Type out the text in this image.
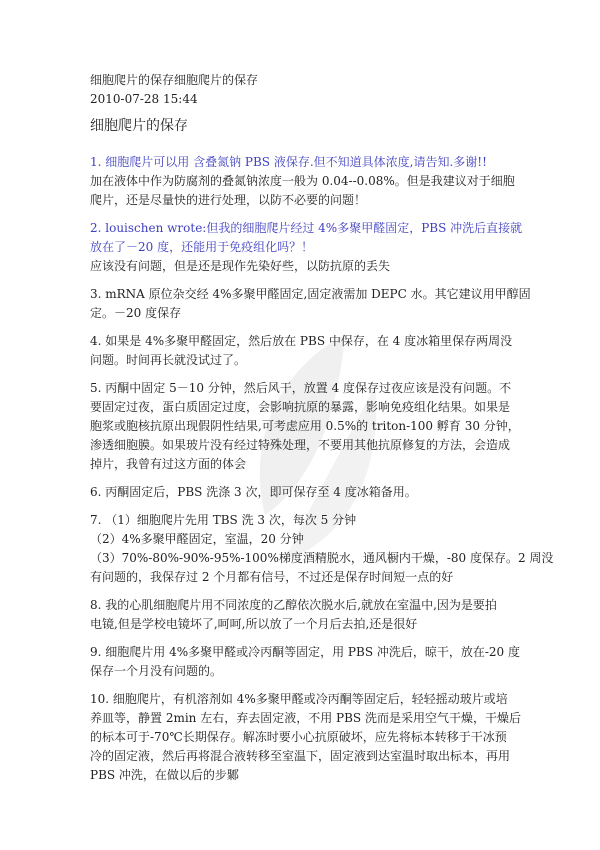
细胞爬片的保存细胞爬片的保存
2010-07-28 15:44
细胞爬片的保存
1. 细胞爬片可以用 含叠氮钠 PBS 液保存.但不知道具体浓度,请告知.多谢!!
加在液体中作为防腐剂的叠氮钠浓度一般为 0.04--0.08%。但是我建议对于细胞
爬片，还是尽量快的进行处理，以防不必要的问题！
2. louischen wrote:但我的细胞爬片经过 4%多聚甲醛固定，PBS 冲洗后直接就
放在了－20 度，还能用于免疫组化吗？！
应该没有问题，但是还是现作先染好些，以防抗原的丢失
3. mRNA 原位杂交经 4%多聚甲醛固定,固定液需加 DEPC 水。其它建议用甲醇固
定。－20 度保存
4. 如果是 4%多聚甲醛固定，然后放在 PBS 中保存，在 4 度冰箱里保存两周没
问题。时间再长就没试过了。
5. 丙酮中固定 5－10 分钟，然后风干，放置 4 度保存过夜应该是没有问题。不
要固定过夜，蛋白质固定过度，会影响抗原的暴露，影响免疫组化结果。如果是
胞浆或胞核抗原出现假阴性结果,可考虑应用 0.5%的 triton-100 孵育 30 分钟，
渗透细胞膜。如果玻片没有经过特殊处理，不要用其他抗原修复的方法，会造成
掉片，我曾有过这方面的体会
6. 丙酮固定后，PBS 洗涤 3 次，即可保存至 4 度冰箱备用。
7. （1）细胞爬片先用 TBS 洗 3 次，每次 5 分钟
（2）4%多聚甲醛固定，室温，20 分钟
（3）70%-80%-90%-95%-100%梯度酒精脱水，通风橱内干燥，-80 度保存。2 周没
有问题的，我保存过 2 个月都有信号，不过还是保存时间短一点的好
8. 我的心肌细胞爬片用不同浓度的乙醇依次脱水后,就放在室温中,因为是要拍
电镜,但是学校电镜坏了,呵呵,所以放了一个月后去拍,还是很好
9. 细胞爬片用 4%多聚甲醛或冷丙酮等固定，用 PBS 冲洗后，晾干，放在-20 度
保存一个月没有问题的。
10. 细胞爬片，有机溶剂如 4%多聚甲醛或冷丙酮等固定后，轻轻摇动玻片或培
养皿等，静置 2min 左右，弃去固定液，不用 PBS 洗而是采用空气干燥，干燥后
的标本可于-70℃长期保存。解冻时要小心抗原破坏，应先将标本转移于干冰预
冷的固定液，然后再将混合液转移至室温下，固定液到达室温时取出标本，再用
PBS 冲洗，在做以后的步鄹
